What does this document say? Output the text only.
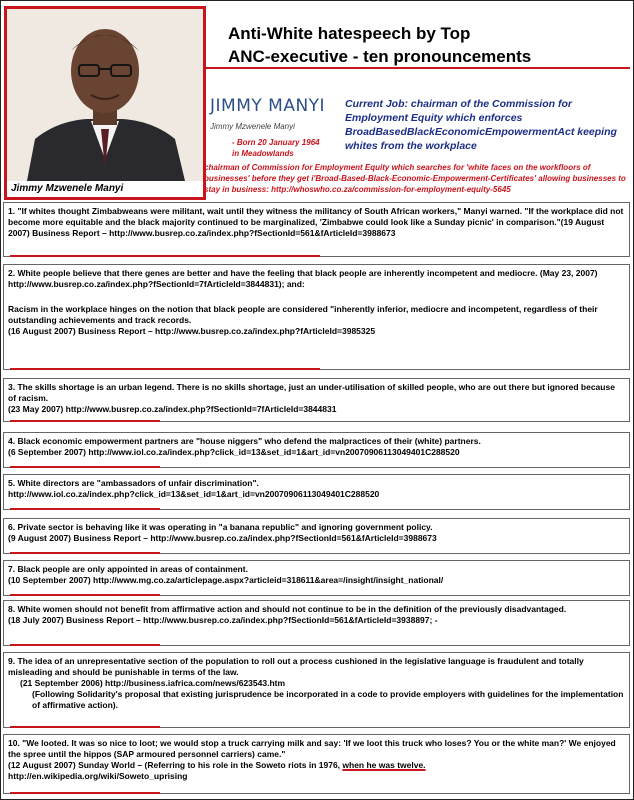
Jimmy Mzwenele Manyi
Anti-White hatespeech by Top
ANC-executive - ten pronouncements
JIMMY MANYI
Jimmy Mzwenele Manyi
- Born 20 January 1964
in Meadowlands
Current Job: chairman of the Commission for Employment Equity which enforces BroadBasedBlackEconomicEmpowermentAct keeping whites from the workplace
chairman of Commission for Employment Equity which searches for 'white faces on the workfloors of businesses' before they get i'Broad-Based-Black-Economic-Empowerment-Certificates' allowing businesses to stay in business: http://whoswho.co.za/commission-for-employment-equity-5645
1. "If whites thought Zimbabweans were militant, wait until they witness the militancy of South African workers," Manyi warned. "If the workplace did not become more equitable and the black majority continued to be marginalized, 'Zimbabwe could look like a Sunday picnic' in comparison."(19 August 2007) Business Report – http://www.busrep.co.za/index.php?fSectionId=561&fArticleId=3988673
2. White people believe that there genes are better and have the feeling that black people are inherently incompetent and mediocre. (May 23, 2007) http://www.busrep.co.za/index.php?fSectionId=7fArticleId=3844831); and:
Racism in the workplace hinges on the notion that black people are considered "inherently inferior, mediocre and incompetent, regardless of their outstanding achievements and track records.
(16 August 2007) Business Report – http://www.busrep.co.za/index.php?fArticleId=3985325
3. The skills shortage is an urban legend. There is no skills shortage, just an under-utilisation of skilled people, who are out there but ignored because of racism.
(23 May 2007) http://www.busrep.co.za/index.php?fSectionId=7fArticleId=3844831
4. Black economic empowerment partners are "house niggers" who defend the malpractices of their (white) partners.
(6 September 2007) http://www.iol.co.za/index.php?click_id=13&set_id=1&art_id=vn20070906113049401C288520
5. White directors are "ambassadors of unfair discrimination".
http://www.iol.co.za/index.php?click_id=13&set_id=1&art_id=vn20070906113049401C288520
6. Private sector is behaving like it was operating in "a banana republic" and ignoring government policy.
(9 August 2007) Business Report – http://www.busrep.co.za/index.php?fSectionId=561&fArticleId=3988673
7. Black people are only appointed in areas of containment.
(10 September 2007) http://www.mg.co.za/articlepage.aspx?articleid=318611&area=/insight/insight_national/
8. White women should not benefit from affirmative action and should not continue to be in the definition of the previously disadvantaged.
(18 July 2007) Business Report – http://www.busrep.co.za/index.php?fSectionId=561&fArticleId=3938897; -
9. The idea of an unrepresentative section of the population to roll out a process cushioned in the legislative language is fraudulent and totally misleading and should be punishable in terms of the law.
(21 September 2006) http://business.iafrica.com/news/623543.htm
(Following Solidarity's proposal that existing jurisprudence be incorporated in a code to provide employers with guidelines for the implementation of affirmative action).
10. "We looted. It was so nice to loot; we would stop a truck carrying milk and say: 'If we loot this truck who loses? You or the white man?' We enjoyed the spree until the hippos (SAP armoured personnel carriers) came."
(12 August 2007) Sunday World – (Referring to his role in the Soweto riots in 1976, when he was twelve.
http://en.wikipedia.org/wiki/Soweto_uprising
